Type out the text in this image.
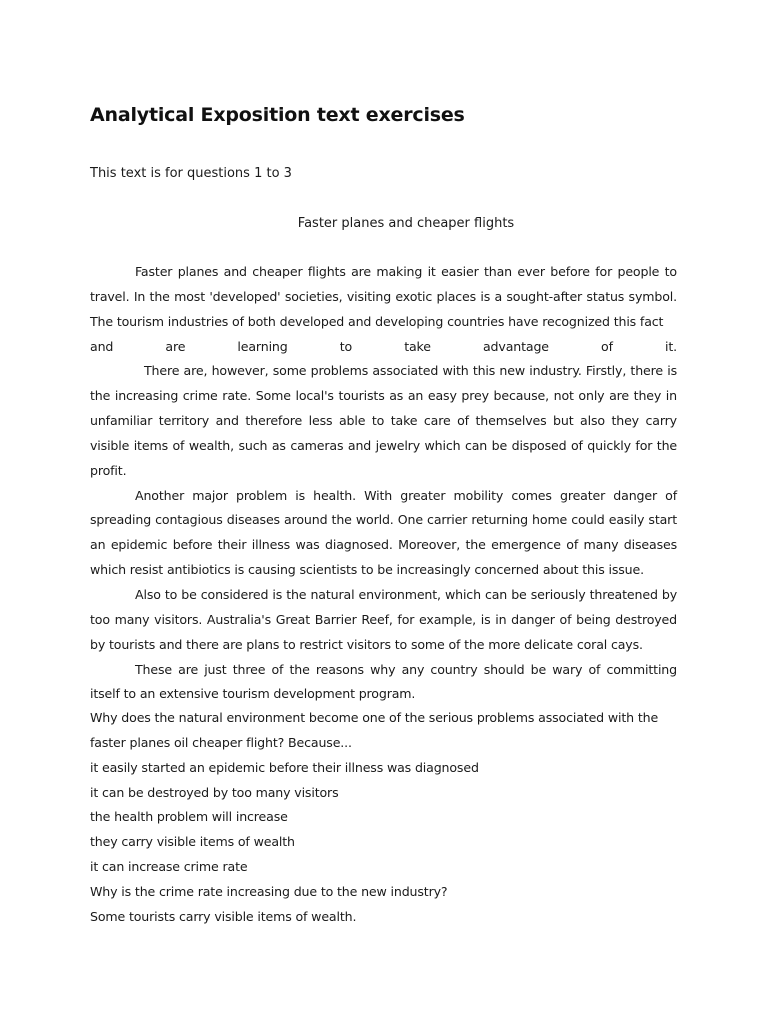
Analytical Exposition text exercises

This text is for questions 1 to 3

Faster planes and cheaper flights

Faster planes and cheaper flights are making it easier than ever before for people to travel. In the most 'developed' societies, visiting exotic places is a sought-after status symbol. The tourism industries of both developed and developing countries have recognized this fact

and	are	learning	to	take	advantage	of	it.

There are, however, some problems associated with this new industry. Firstly, there is the increasing crime rate. Some local's tourists as an easy prey because, not only are they in unfamiliar territory and therefore less able to take care of themselves but also they carry visible items of wealth, such as cameras and jewelry which can be disposed of quickly for the profit.

Another major problem is health. With greater mobility comes greater danger of spreading contagious diseases around the world. One carrier returning home could easily start an epidemic before their illness was diagnosed. Moreover, the emergence of many diseases which resist antibiotics is causing scientists to be increasingly concerned about this issue.

Also to be considered is the natural environment, which can be seriously threatened by too many visitors. Australia's Great Barrier Reef, for example, is in danger of being destroyed by tourists and there are plans to restrict visitors to some of the more delicate coral cays.

These are just three of the reasons why any country should be wary of committing itself to an extensive tourism development program.

Why does the natural environment become one of the serious problems associated with the faster planes oil cheaper flight? Because...

it easily started an epidemic before their illness was diagnosed

it can be destroyed by too many visitors

the health problem will increase

they carry visible items of wealth

it can increase crime rate

Why is the crime rate increasing due to the new industry?

Some tourists carry visible items of wealth.
